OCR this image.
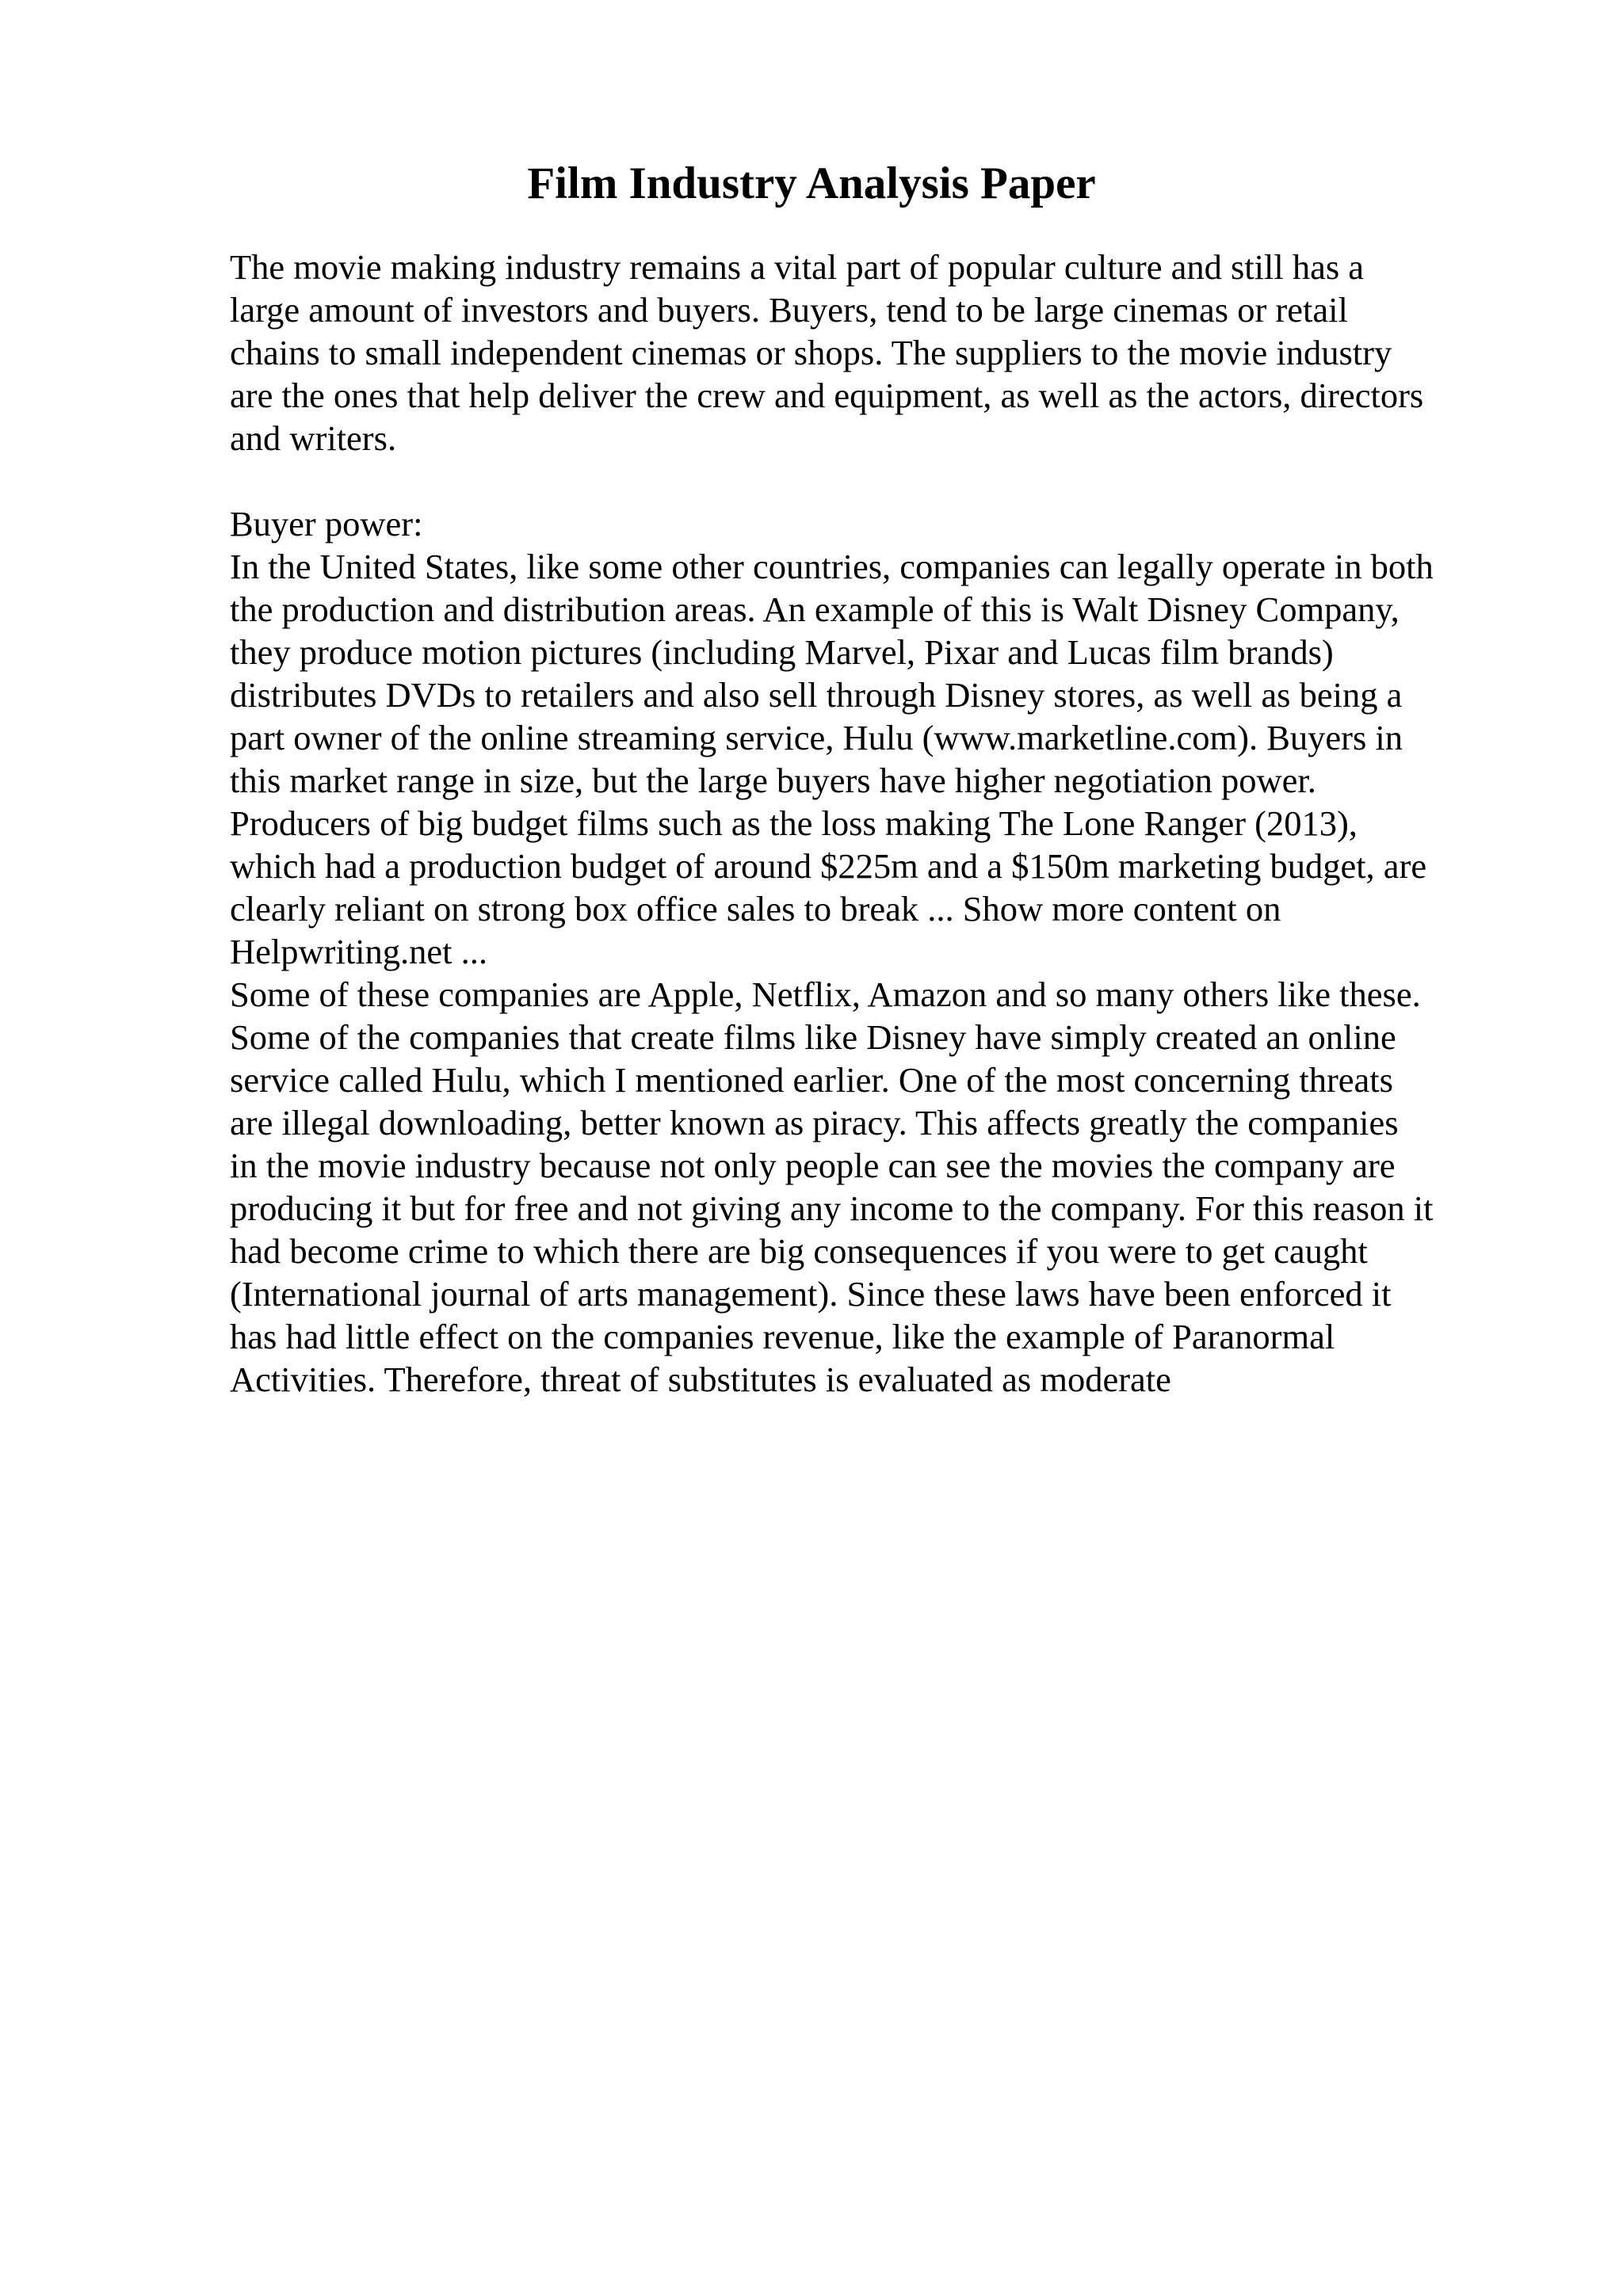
Film Industry Analysis Paper
The movie making industry remains a vital part of popular culture and still has a
large amount of investors and buyers. Buyers, tend to be large cinemas or retail
chains to small independent cinemas or shops. The suppliers to the movie industry
are the ones that help deliver the crew and equipment, as well as the actors, directors
and writers.
Buyer power:
In the United States, like some other countries, companies can legally operate in both
the production and distribution areas. An example of this is Walt Disney Company,
they produce motion pictures (including Marvel, Pixar and Lucas film brands)
distributes DVDs to retailers and also sell through Disney stores, as well as being a
part owner of the online streaming service, Hulu (www.marketline.com). Buyers in
this market range in size, but the large buyers have higher negotiation power.
Producers of big budget films such as the loss making The Lone Ranger (2013),
which had a production budget of around $225m and a $150m marketing budget, are
clearly reliant on strong box office sales to break ... Show more content on
Helpwriting.net ...
Some of these companies are Apple, Netflix, Amazon and so many others like these.
Some of the companies that create films like Disney have simply created an online
service called Hulu, which I mentioned earlier. One of the most concerning threats
are illegal downloading, better known as piracy. This affects greatly the companies
in the movie industry because not only people can see the movies the company are
producing it but for free and not giving any income to the company. For this reason it
had become crime to which there are big consequences if you were to get caught
(International journal of arts management). Since these laws have been enforced it
has had little effect on the companies revenue, like the example of Paranormal
Activities. Therefore, threat of substitutes is evaluated as moderate
